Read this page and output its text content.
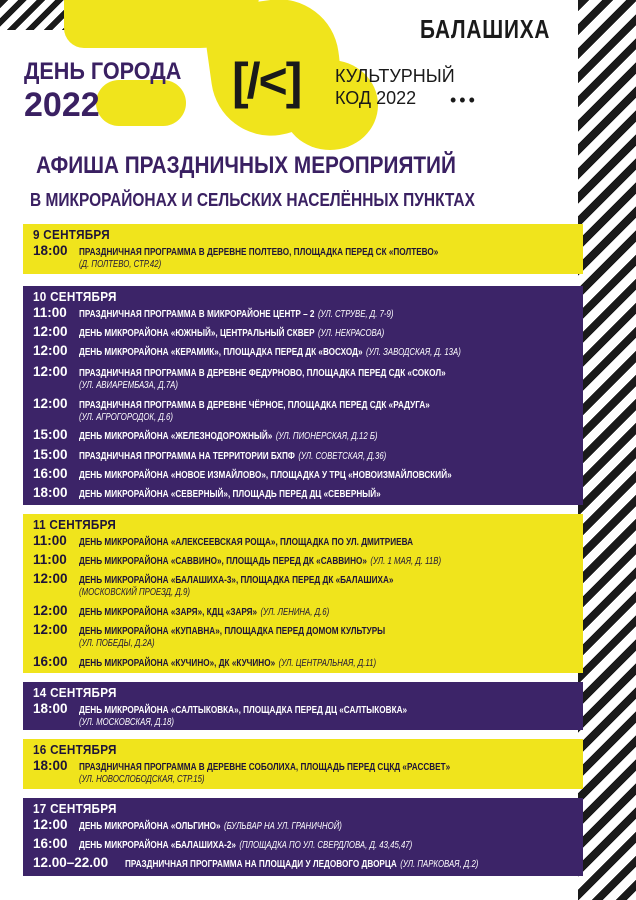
БАЛАШИХА
ДЕНЬ ГОРОДА
2022	[/<] КУЛЬТУРНЫЙ
КОД 2022 •••
АФИША ПРАЗДНИЧНЫХ МЕРОПРИЯТИЙ
В МИКРОРАЙОНАХ И СЕЛЬСКИХ НАСЕЛЁННЫХ ПУНКТАХ
9 СЕНТЯБРЯ
18:00 ПРАЗДНИЧНАЯ ПРОГРАММА В ДЕРЕВНЕ ПОЛТЕВО, ПЛОЩАДКА ПЕРЕД СК «ПОЛТЕВО»
(Д. ПОЛТЕВО, СТР.42)
10 СЕНТЯБРЯ
11:00 ПРАЗДНИЧНАЯ ПРОГРАММА В МИКРОРАЙОНЕ ЦЕНТР – 2 (УЛ. СТРУВЕ, Д. 7-9)
12:00 ДЕНЬ МИКРОРАЙОНА «ЮЖНЫЙ», ЦЕНТРАЛЬНЫЙ СКВЕР (УЛ. НЕКРАСОВА)
12:00 ДЕНЬ МИКРОРАЙОНА «КЕРАМИК», ПЛОЩАДКА ПЕРЕД ДК «ВОСХОД» (УЛ. ЗАВОДСКАЯ, Д. 13А)
12:00 ПРАЗДНИЧНАЯ ПРОГРАММА В ДЕРЕВНЕ ФЕДУРНОВО, ПЛОЩАДКА ПЕРЕД СДК «СОКОЛ»
(УЛ. АВИАРЕМБАЗА, Д.7А)
12:00 ПРАЗДНИЧНАЯ ПРОГРАММА В ДЕРЕВНЕ ЧЁРНОЕ, ПЛОЩАДКА ПЕРЕД СДК «РАДУГА»
(УЛ. АГРОГОРОДОК, Д.6)
15:00 ДЕНЬ МИКРОРАЙОНА «ЖЕЛЕЗНОДОРОЖНЫЙ» (УЛ. ПИОНЕРСКАЯ, Д.12 Б)
15:00 ПРАЗДНИЧНАЯ ПРОГРАММА НА ТЕРРИТОРИИ БХПФ (УЛ. СОВЕТСКАЯ, Д.36)
16:00 ДЕНЬ МИКРОРАЙОНА «НОВОЕ ИЗМАЙЛОВО», ПЛОЩАДКА У ТРЦ «НОВОИЗМАЙЛОВСКИЙ»
18:00 ДЕНЬ МИКРОРАЙОНА «СЕВЕРНЫЙ», ПЛОЩАДЬ ПЕРЕД ДЦ «СЕВЕРНЫЙ»
11 СЕНТЯБРЯ
11:00 ДЕНЬ МИКРОРАЙОНА «АЛЕКСЕЕВСКАЯ РОЩА», ПЛОЩАДКА ПО УЛ. ДМИТРИЕВА
11:00 ДЕНЬ МИКРОРАЙОНА «САВВИНО», ПЛОЩАДЬ ПЕРЕД ДК «САВВИНО» (УЛ. 1 МАЯ, Д. 11В)
12:00 ДЕНЬ МИКРОРАЙОНА «БАЛАШИХА-3», ПЛОЩАДКА ПЕРЕД ДК «БАЛАШИХА»
(МОСКОВСКИЙ ПРОЕЗД, Д.9)
12:00 ДЕНЬ МИКРОРАЙОНА «ЗАРЯ», КДЦ «ЗАРЯ» (УЛ. ЛЕНИНА, Д.6)
12:00 ДЕНЬ МИКРОРАЙОНА «КУПАВНА», ПЛОЩАДКА ПЕРЕД ДОМОМ КУЛЬТУРЫ
(УЛ. ПОБЕДЫ, Д.2А)
16:00 ДЕНЬ МИКРОРАЙОНА «КУЧИНО», ДК «КУЧИНО» (УЛ. ЦЕНТРАЛЬНАЯ, Д.11)
14 СЕНТЯБРЯ
18:00 ДЕНЬ МИКРОРАЙОНА «САЛТЫКОВКА», ПЛОЩАДКА ПЕРЕД ДЦ «САЛТЫКОВКА»
(УЛ. МОСКОВСКАЯ, Д.18)
16 СЕНТЯБРЯ
18:00 ПРАЗДНИЧНАЯ ПРОГРАММА В ДЕРЕВНЕ СОБОЛИХА, ПЛОЩАДЬ ПЕРЕД СЦКД «РАССВЕТ»
(УЛ. НОВОСЛОБОДСКАЯ, СТР.15)
17 СЕНТЯБРЯ
12:00 ДЕНЬ МИКРОРАЙОНА «ОЛЬГИНО» (БУЛЬВАР НА УЛ. ГРАНИЧНОЙ)
16:00 ДЕНЬ МИКРОРАЙОНА «БАЛАШИХА-2» (ПЛОЩАДКА ПО УЛ. СВЕРДЛОВА, Д. 43,45,47)
12.00–22.00 ПРАЗДНИЧНАЯ ПРОГРАММА НА ПЛОЩАДИ У ЛЕДОВОГО ДВОРЦА (УЛ. ПАРКОВАЯ, Д.2)
